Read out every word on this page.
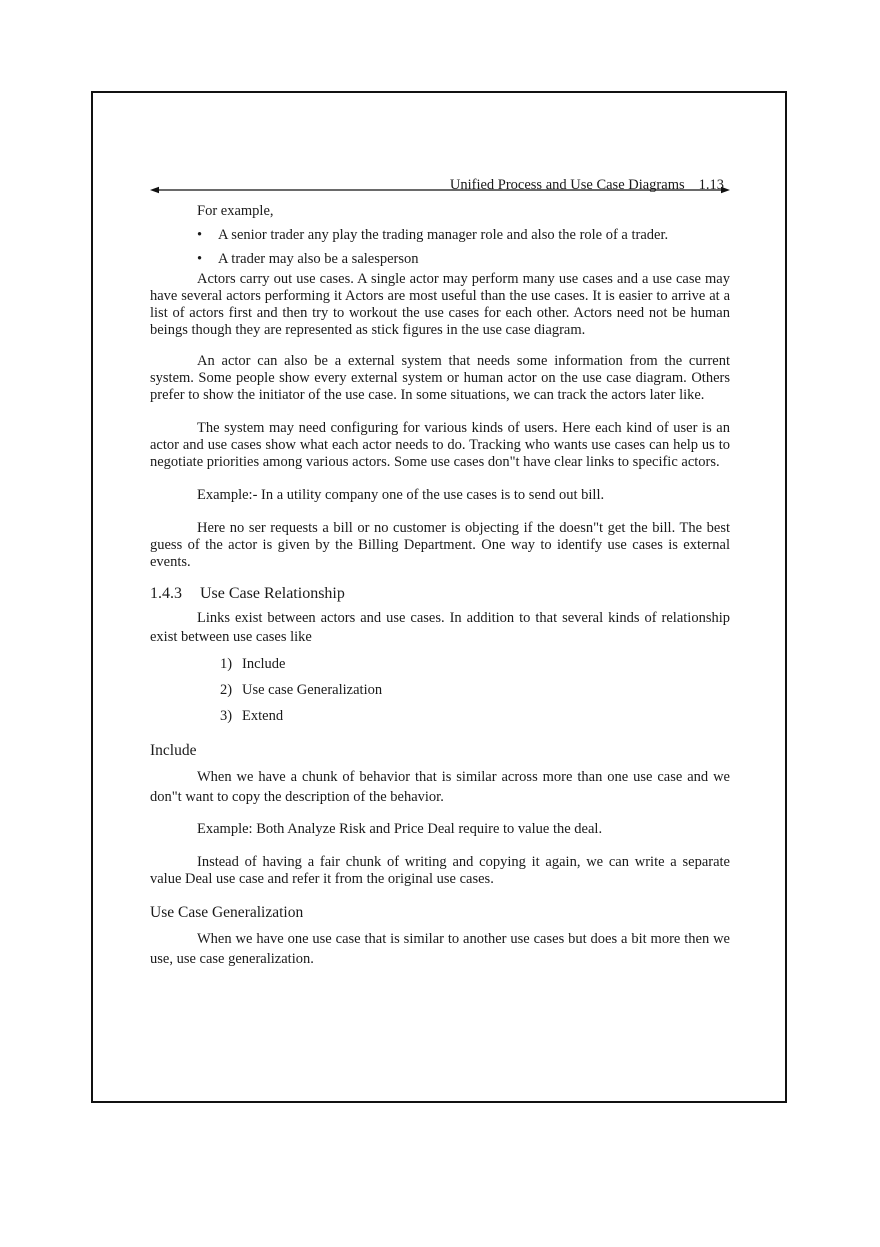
Unified Process and Use Case Diagrams 1.13

For example,

• A senior trader any play the trading manager role and also the role of a trader.

• A trader may also be a salesperson

Actors carry out use cases. A single actor may perform many use cases and a use case may have several actors performing it Actors are most useful than the use cases. It is easier to arrive at a list of actors first and then try to workout the use cases for each other. Actors need not be human beings though they are represented as stick figures in the use case diagram.

An actor can also be a external system that needs some information from the current system. Some people show every external system or human actor on the use case diagram. Others prefer to show the initiator of the use case. In some situations, we can track the actors later like.

The system may need configuring for various kinds of users. Here each kind of user is an actor and use cases show what each actor needs to do. Tracking who wants use cases can help us to negotiate priorities among various actors. Some use cases don"t have clear links to specific actors.

Example:- In a utility company one of the use cases is to send out bill.

Here no ser requests a bill or no customer is objecting if the doesn"t get the bill. The best guess of the actor is given by the Billing Department. One way to identify use cases is external events.

1.4.3 Use Case Relationship

Links exist between actors and use cases. In addition to that several kinds of relationship exist between use cases like

1) Include

2) Use case Generalization

3) Extend

Include

When we have a chunk of behavior that is similar across more than one use case and we don"t want to copy the description of the behavior.

Example: Both Analyze Risk and Price Deal require to value the deal.

Instead of having a fair chunk of writing and copying it again, we can write a separate value Deal use case and refer it from the original use cases.

Use Case Generalization

When we have one use case that is similar to another use cases but does a bit more then we use, use case generalization.
